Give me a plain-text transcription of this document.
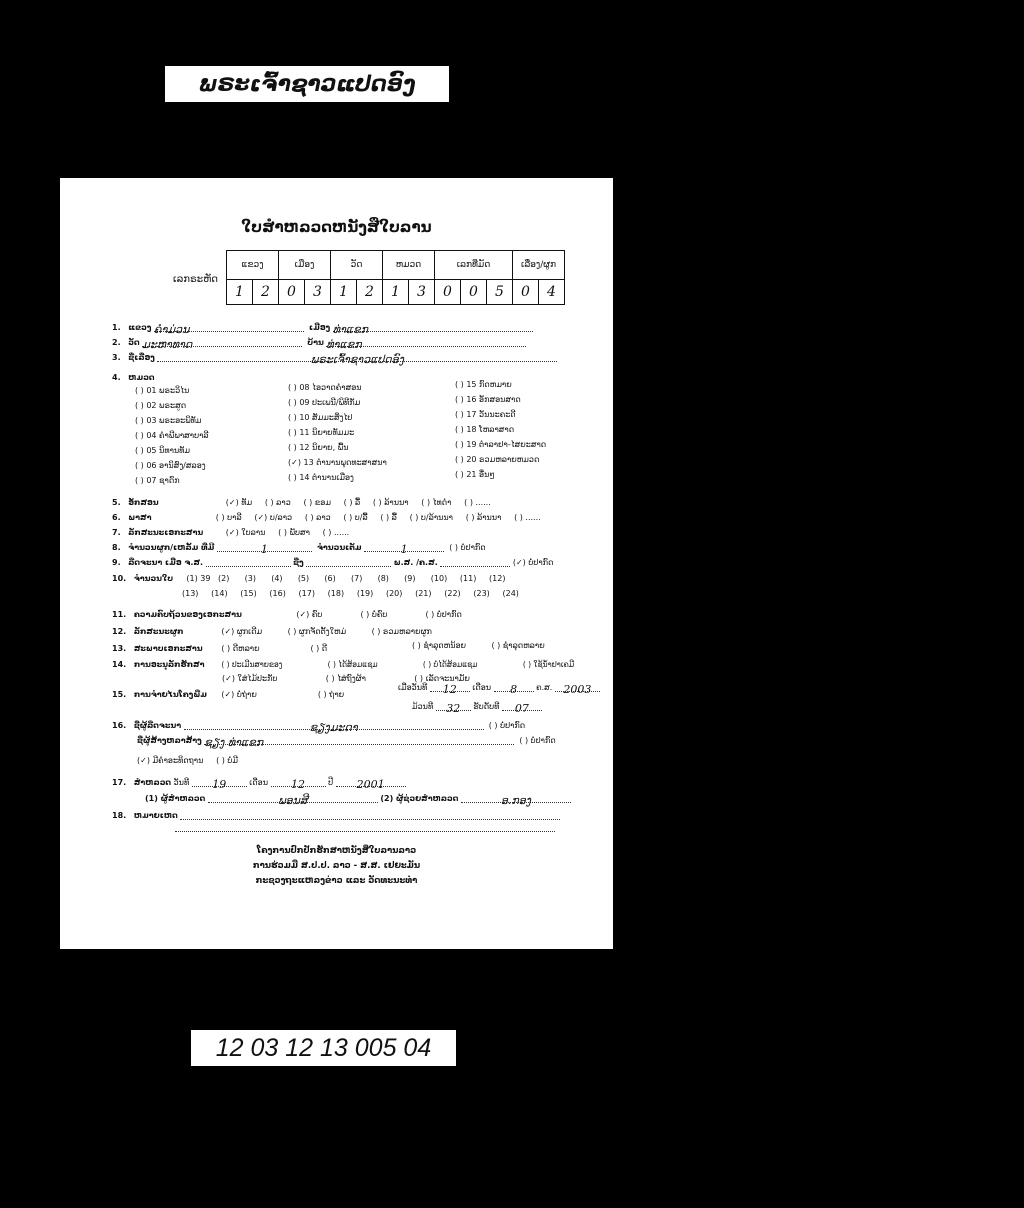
ພຣະເຈົ້າຊາວແປດອົງ
ໃບສຳຫລວດຫນັງສືໃບລານ
ເລກຣະຫັດ
ແຂວງ		ເມືອງ		ວັດ		ຫມວດ		ເລກທີ່ມັດ			ເລື່ອງ/ຜູກ	
1	2	0	3	1	2	1	3	0	0	5	0	4
1. ແຂວງ ຄຳມ່ວນ	ເມືອງ ທ່າແຂກ
2. ວັດ ມະຫາທາດ	ບ້ານ ທ່າແຂກ
3. ຊື່ເລື່ອງ	ພຣະເຈົ້າຊາວແປດອົງ
4. ຫມວດ
( ) 01 ພຣະວິໄນ
( ) 02 ພຣະສູດ
( ) 03 ພຣະອະພິທັມ
( ) 04 ຄຳພີພາສາບາລີ
( ) 05 ນິທານທັມ
( ) 06 ອານິສົງ/ສລອງ
( ) 07 ຊາດົກ
( ) 08 ໄອວາດຄຳສອນ
( ) 09 ປະເພນີ/ພິທີກັມ
( ) 10 ສັມມະສິ່ງໄປ
( ) 11 ນິຍາຍທັມມະ
( ) 12 ນິຍາຍ, ພື້ນ
(✓) 13 ຕຳນານພຸດທະສາສນາ
( ) 14 ຕຳນານເມືອງ
( ) 15 ກົດຫມາຍ
( ) 16 ອັກສອນສາດ
( ) 17 ວັນນະຄະດີ
( ) 18 ໂຫລາສາດ
( ) 19 ຕຳລາຢາ-ໄສຍະສາດ
( ) 20 ຣວມຫລາຍຫມວດ
( ) 21 ອື່ນໆ
5. ອັກສອນ	(✓) ທັມ     ( ) ລາວ     ( ) ຂອມ     ( ) ລື້     ( ) ລ້ານນາ     ( ) ໄທດຳ     ( ) ......
6. ພາສາ	( ) ບາລີ     (✓) ບ/ລາວ     ( ) ລາວ     ( ) ບ/ລື້     ( ) ລື້     ( ) ບ/ລ້ານນາ     ( ) ລ້ານນາ     ( ) ......
7. ລັກສະນະເອກະສານ	(✓) ໃບລານ     ( ) ພັບສາ     ( ) ......
8. ຈຳນວນຜູກ/ເຫລັ້ມ ທີ່ມີ	1	ຈຳນວນເຕັມ	1	( ) ບໍ່ປາກົດ
9. ລືດຈະນາ ເມື່ອ ຈ.ສ.	ຊື່ງ	ພ.ສ. /ຄ.ສ.	(✓) ບໍ່ປາກົດ
10. ຈຳນວນໃບ (1) 39   (2)      (3)      (4)      (5)      (6)      (7)      (8)      (9)      (10)     (11)     (12)
(13)     (14)     (15)     (16)     (17)     (18)     (19)     (20)     (21)     (22)     (23)     (24)
11. ຄວາມຄົບຖ້ວນຂອງເອກະສານ	(✓) ຄົບ               ( ) ບໍ່ຄົບ               ( ) ບໍ່ປາກົດ
12. ລັກສະນະຜູກ	(✓) ຜູກເດີມ          ( ) ຜູກຈັດຕັ້ງໃຫມ່          ( ) ຣວມຫລາຍຜູກ
( ) ຊຳລຸດຫນ້ອຍ          ( ) ຊຳລຸດຫລາຍ
13. ສະພາບເອກະສານ ( ) ດີຫລາຍ                    ( ) ດີ
14. ການອະນຸລັກຮັກສາ ( ) ປະເມີນສາຍຂອງ                   ( ) ໄດ້ສ້ອມແຊມ                   ( ) ບໍ່ໄດ້ສ້ອມແຊມ                   ( ) ໃຊ້ນ້ຳຢາເຄມີ
(✓) ໃສ່ໄມ້ປະກັບ                   ( ) ໄສ່ຖົງຜ້າ                   ( ) ເລັດຈະນາມັຍ
15. ການຈຳຍໄນໂຄງພືມ (✓) ບໍ່ຖ່າຍ                        ( ) ຖ່າຍ
ເມື່ອວັນທີ 12 ເດືອນ 8 ຄ.ສ. 2003
ມ້ວນທີ 32 ຮັບດັບທີ 07
16. ຊື່ຜູ້ລືດຈະນາ	ຊຽງມະດາ	( ) ບໍ່ປາກົດ
ຊື່ຜູ້ສ້າງຫລາສ້າງ ຊຽງ ທ່າແຂກ	( ) ບໍ່ປາກົດ
(✓) ມີຄຳອະທິດຖານ     ( ) ບໍ່ມີ
17. ສຳຫລວດ ວັນທີ 19	ເດືອນ 12	ປີ 2001
(1) ຜູ້ສຳຫລວດ	ພອນສີ	(2) ຜູ້ຊ່ວຍສຳຫລວດ	ອ.ກອງ
18. ຫມາຍເຫດ
ໂຄງການປົກປັກຮັກສາຫນັງສືໃບລານລາວ
ການຮ່ວມມື ສ.ປ.ປ. ລາວ - ສ.ສ. ເຢຍະມັນ
ກະຊວງຖະແຫລງຂ່າວ ແລະ ວັດທະນະທຳ
12 03 12 13 005 04
